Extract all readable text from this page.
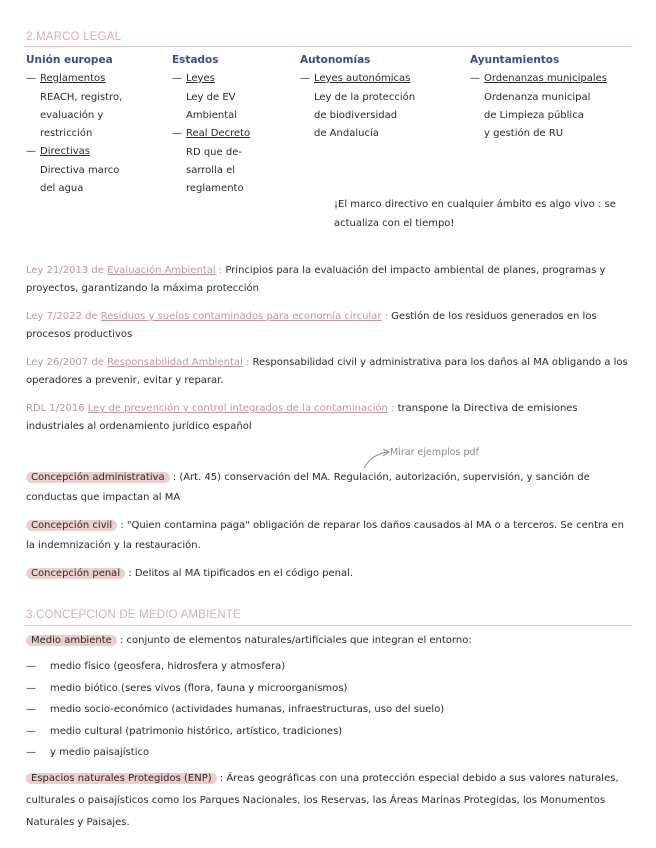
2.MARCO LEGAL
Unión europea
— Reglamentos
REACH, registro,
evaluación y
restricción
— Directivas
Directiva marco
del agua
Estados
— Leyes
Ley de EV
Ambiental
— Real Decreto
RD que de-
sarrolla el
reglamento
Autonomías
— Leyes autonómicas
Ley de la protección
de biodiversidad
de Andalucía
Ayuntamientos
— Ordenanzas municipales
Ordenanza municipal
de Limpieza pública
y gestión de RU
¡El marco directivo en cualquier ámbito es algo vivo : se actualiza con el tiempo!
Ley 21/2013 de Evaluación Ambiental : Principios para la evaluación del impacto ambiental de planes, programas y proyectos, garantizando la máxima protección
Ley 7/2022 de Residuos y suelos contaminados para economía circular : Gestión de los residuos generados en los procesos productivos
Ley 26/2007 de Responsabilidad Ambiental : Responsabilidad civil y administrativa para los daños al MA obligando a los operadores a prevenir, evitar y reparar.
RDL 1/2016 Ley de prevención y control integrados de la contaminación : transpone la Directiva de emisiones industriales al ordenamiento jurídico español
Mirar ejemplos pdf
Concepción administrativa : (Art. 45) conservación del MA. Regulación, autorización, supervisión, y sanción de conductas que impactan al MA
Concepción civil : "Quien contamina paga" obligación de reparar los daños causados al MA o a terceros. Se centra en la indemnización y la restauración.
Concepción penal : Delitos al MA tipificados en el código penal.
3.CONCEPCION DE MEDIO AMBIENTE
Medio ambiente : conjunto de elementos naturales/artificiales que integran el entorno:
— medio físico (geosfera, hidrosfera y atmosfera)
— medio biótico (seres vivos (flora, fauna y microorganismos)
— medio socio-económico (actividades humanas, infraestructuras, uso del suelo)
— medio cultural (patrimonio histórico, artístico, tradiciones)
— y medio paisajístico
Espacios naturales Protegidos (ENP) : Áreas geográficas con una protección especial debido a sus valores naturales, culturales o paisajísticos como los Parques Nacionales, los Reservas, las Áreas Marinas Protegidas, los Monumentos Naturales y Paisajes.
